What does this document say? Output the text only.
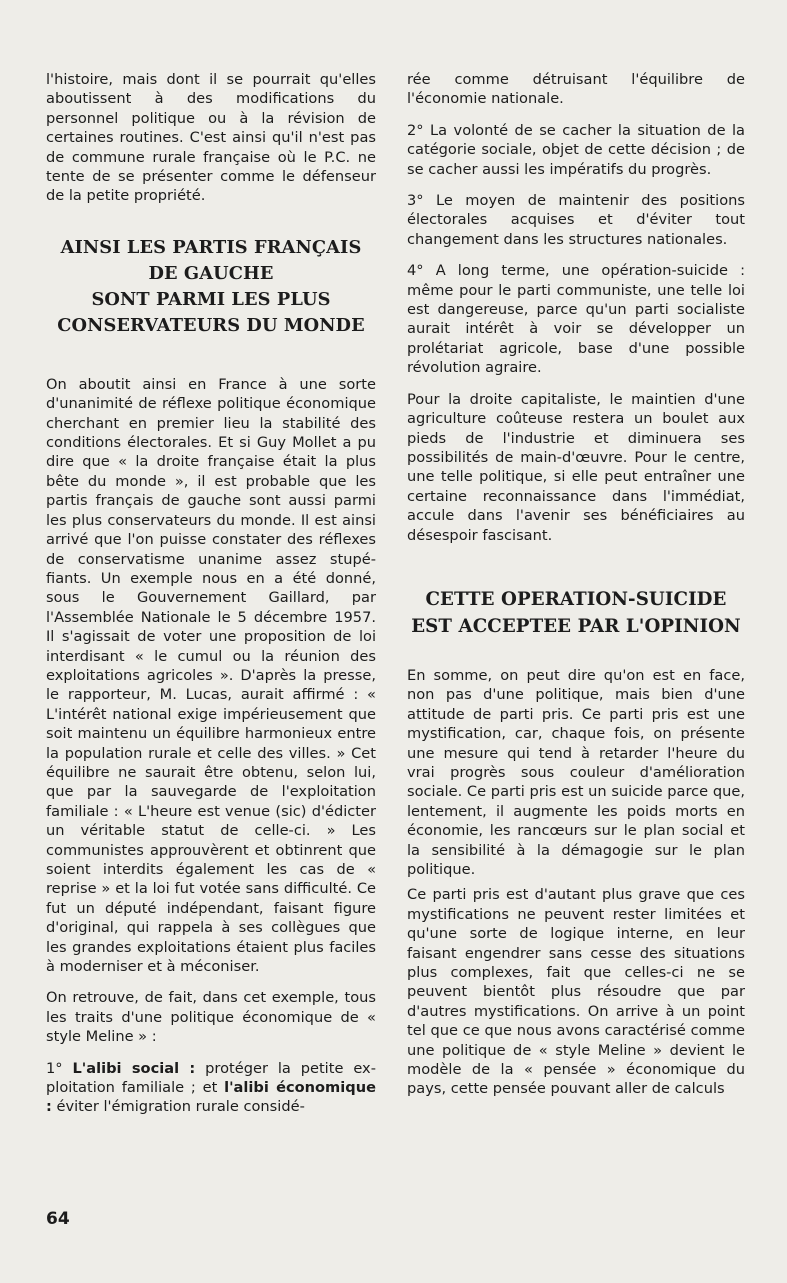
l'histoire, mais dont il se pourrait qu'elles aboutissent à des modifications du personnel politique ou à la révision de certaines routines. C'est ainsi qu'il n'est pas de commune rurale française où le P.C. ne tente de se présenter comme le défenseur de la petite propriété.

AINSI LES PARTIS FRANÇAIS
DE GAUCHE
SONT PARMI LES PLUS
CONSERVATEURS DU MONDE

On aboutit ainsi en France à une sorte d'unanimité de réflexe politique économique cherchant en premier lieu la stabilité des conditions électorales. Et si Guy Mollet a pu dire que « la droite française était la plus bête du monde », il est probable que les partis français de gauche sont aussi parmi les plus conservateurs du monde. Il est ainsi arrivé que l'on puisse constater des réflexes de conservatisme unanime assez stupéfiants. Un exemple nous en a été donné, sous le Gouvernement Gaillard, par l'Assemblée Nationale le 5 décembre 1957. Il s'agissait de voter une proposition de loi interdisant « le cumul ou la réunion des exploitations agricoles ». D'après la presse, le rapporteur, M. Lucas, aurait affirmé : « L'intérêt national exige impérieusement que soit maintenu un équilibre harmonieux entre la population rurale et celle des villes. » Cet équilibre ne saurait être obtenu, selon lui, que par la sauvegarde de l'exploitation familiale : « L'heure est venue (sic) d'édicter un véritable statut de celle-ci. » Les communistes approuvèrent et obtinrent que soient interdits également les cas de « reprise » et la loi fut votée sans difficulté. Ce fut un député indépendant, faisant figure d'original, qui rappela à ses collègues que les grandes exploitations étaient plus faciles à moderniser et à méconiser.

On retrouve, de fait, dans cet exemple, tous les traits d'une politique économique de « style Meline » :

1° L'alibi social : protéger la petite exploitation familiale ; et l'alibi économique : éviter l'émigration rurale considé-

rée comme détruisant l'équilibre de l'économie nationale.

2° La volonté de se cacher la situation de la catégorie sociale, objet de cette décision ; de se cacher aussi les impératifs du progrès.

3° Le moyen de maintenir des positions électorales acquises et d'éviter tout changement dans les structures nationales.

4° A long terme, une opération-suicide : même pour le parti communiste, une telle loi est dangereuse, parce qu'un parti socialiste aurait intérêt à voir se développer un prolétariat agricole, base d'une possible révolution agraire.

Pour la droite capitaliste, le maintien d'une agriculture coûteuse restera un boulet aux pieds de l'industrie et diminuera ses possibilités de main-d'œuvre. Pour le centre, une telle politique, si elle peut entraîner une certaine reconnaissance dans l'immédiat, accule dans l'avenir ses bénéficiaires au désespoir fascisant.

CETTE OPERATION-SUICIDE
EST ACCEPTEE PAR L'OPINION

En somme, on peut dire qu'on est en face, non pas d'une politique, mais bien d'une attitude de parti pris. Ce parti pris est une mystification, car, chaque fois, on présente une mesure qui tend à retarder l'heure du vrai progrès sous couleur d'amélioration sociale. Ce parti pris est un suicide parce que, lentement, il augmente les poids morts en économie, les rancœurs sur le plan social et la sensibilité à la démagogie sur le plan politique.

Ce parti pris est d'autant plus grave que ces mystifications ne peuvent rester limitées et qu'une sorte de logique interne, en leur faisant engendrer sans cesse des situations plus complexes, fait que celles-ci ne se peuvent bientôt plus résoudre que par d'autres mystifications. On arrive à un point tel que ce que nous avons caractérisé comme une politique de « style Meline » devient le modèle de la « pensée » économique du pays, cette pensée pouvant aller de calculs

64
